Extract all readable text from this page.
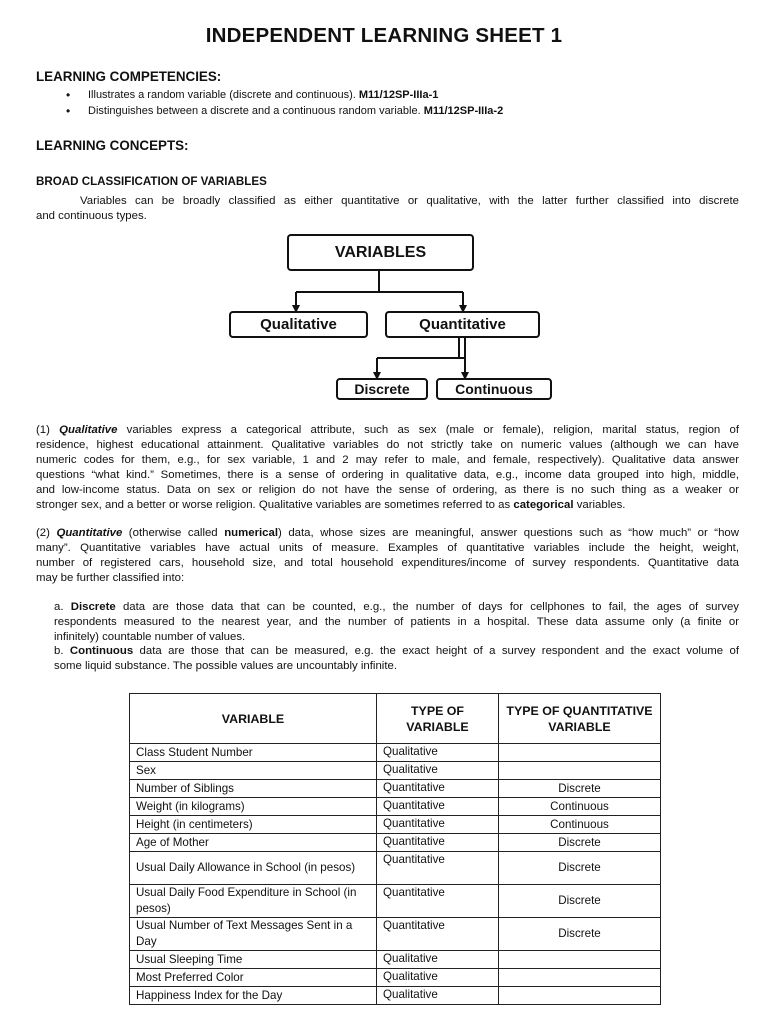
INDEPENDENT LEARNING SHEET 1
LEARNING COMPETENCIES:
• Illustrates a random variable (discrete and continuous). M11/12SP-IIIa-1
• Distinguishes between a discrete and a continuous random variable. M11/12SP-IIIa-2
LEARNING CONCEPTS:
BROAD CLASSIFICATION OF VARIABLES
Variables can be broadly classified as either quantitative or qualitative, with the latter further classified into discrete
and continuous types.
VARIABLES
Qualitative	Quantitative
Discrete	Continuous
(1) Qualitative variables express a categorical attribute, such as sex (male or female), religion, marital status, region of
residence, highest educational attainment. Qualitative variables do not strictly take on numeric values (although we can have
numeric codes for them, e.g., for sex variable, 1 and 2 may refer to male, and female, respectively). Qualitative data answer
questions “what kind.” Sometimes, there is a sense of ordering in qualitative data, e.g., income data grouped into high, middle,
and low-income status. Data on sex or religion do not have the sense of ordering, as there is no such thing as a weaker or
stronger sex, and a better or worse religion. Qualitative variables are sometimes referred to as categorical variables.
(2) Quantitative (otherwise called numerical) data, whose sizes are meaningful, answer questions such as “how much” or “how
many”. Quantitative variables have actual units of measure. Examples of quantitative variables include the height, weight,
number of registered cars, household size, and total household expenditures/income of survey respondents. Quantitative data
may be further classified into:
a. Discrete data are those data that can be counted, e.g., the number of days for cellphones to fail, the ages of survey
respondents measured to the nearest year, and the number of patients in a hospital. These data assume only (a finite or
infinitely) countable number of values.
b. Continuous data are those that can be measured, e.g. the exact height of a survey respondent and the exact volume of
some liquid substance. The possible values are uncountably infinite.
VARIABLE	TYPE OF VARIABLE	TYPE OF QUANTITATIVE VARIABLE
Class Student Number	Qualitative	
Sex	Qualitative	
Number of Siblings	Quantitative	Discrete
Weight (in kilograms)	Quantitative	Continuous
Height (in centimeters)	Quantitative	Continuous
Age of Mother	Quantitative	Discrete
Usual Daily Allowance in School (in pesos)	Quantitative	Discrete
Usual Daily Food Expenditure in School (in pesos)	Quantitative	Discrete
Usual Number of Text Messages Sent in a Day	Quantitative	Discrete
Usual Sleeping Time	Qualitative	
Most Preferred Color	Qualitative	
Happiness Index for the Day	Qualitative	
